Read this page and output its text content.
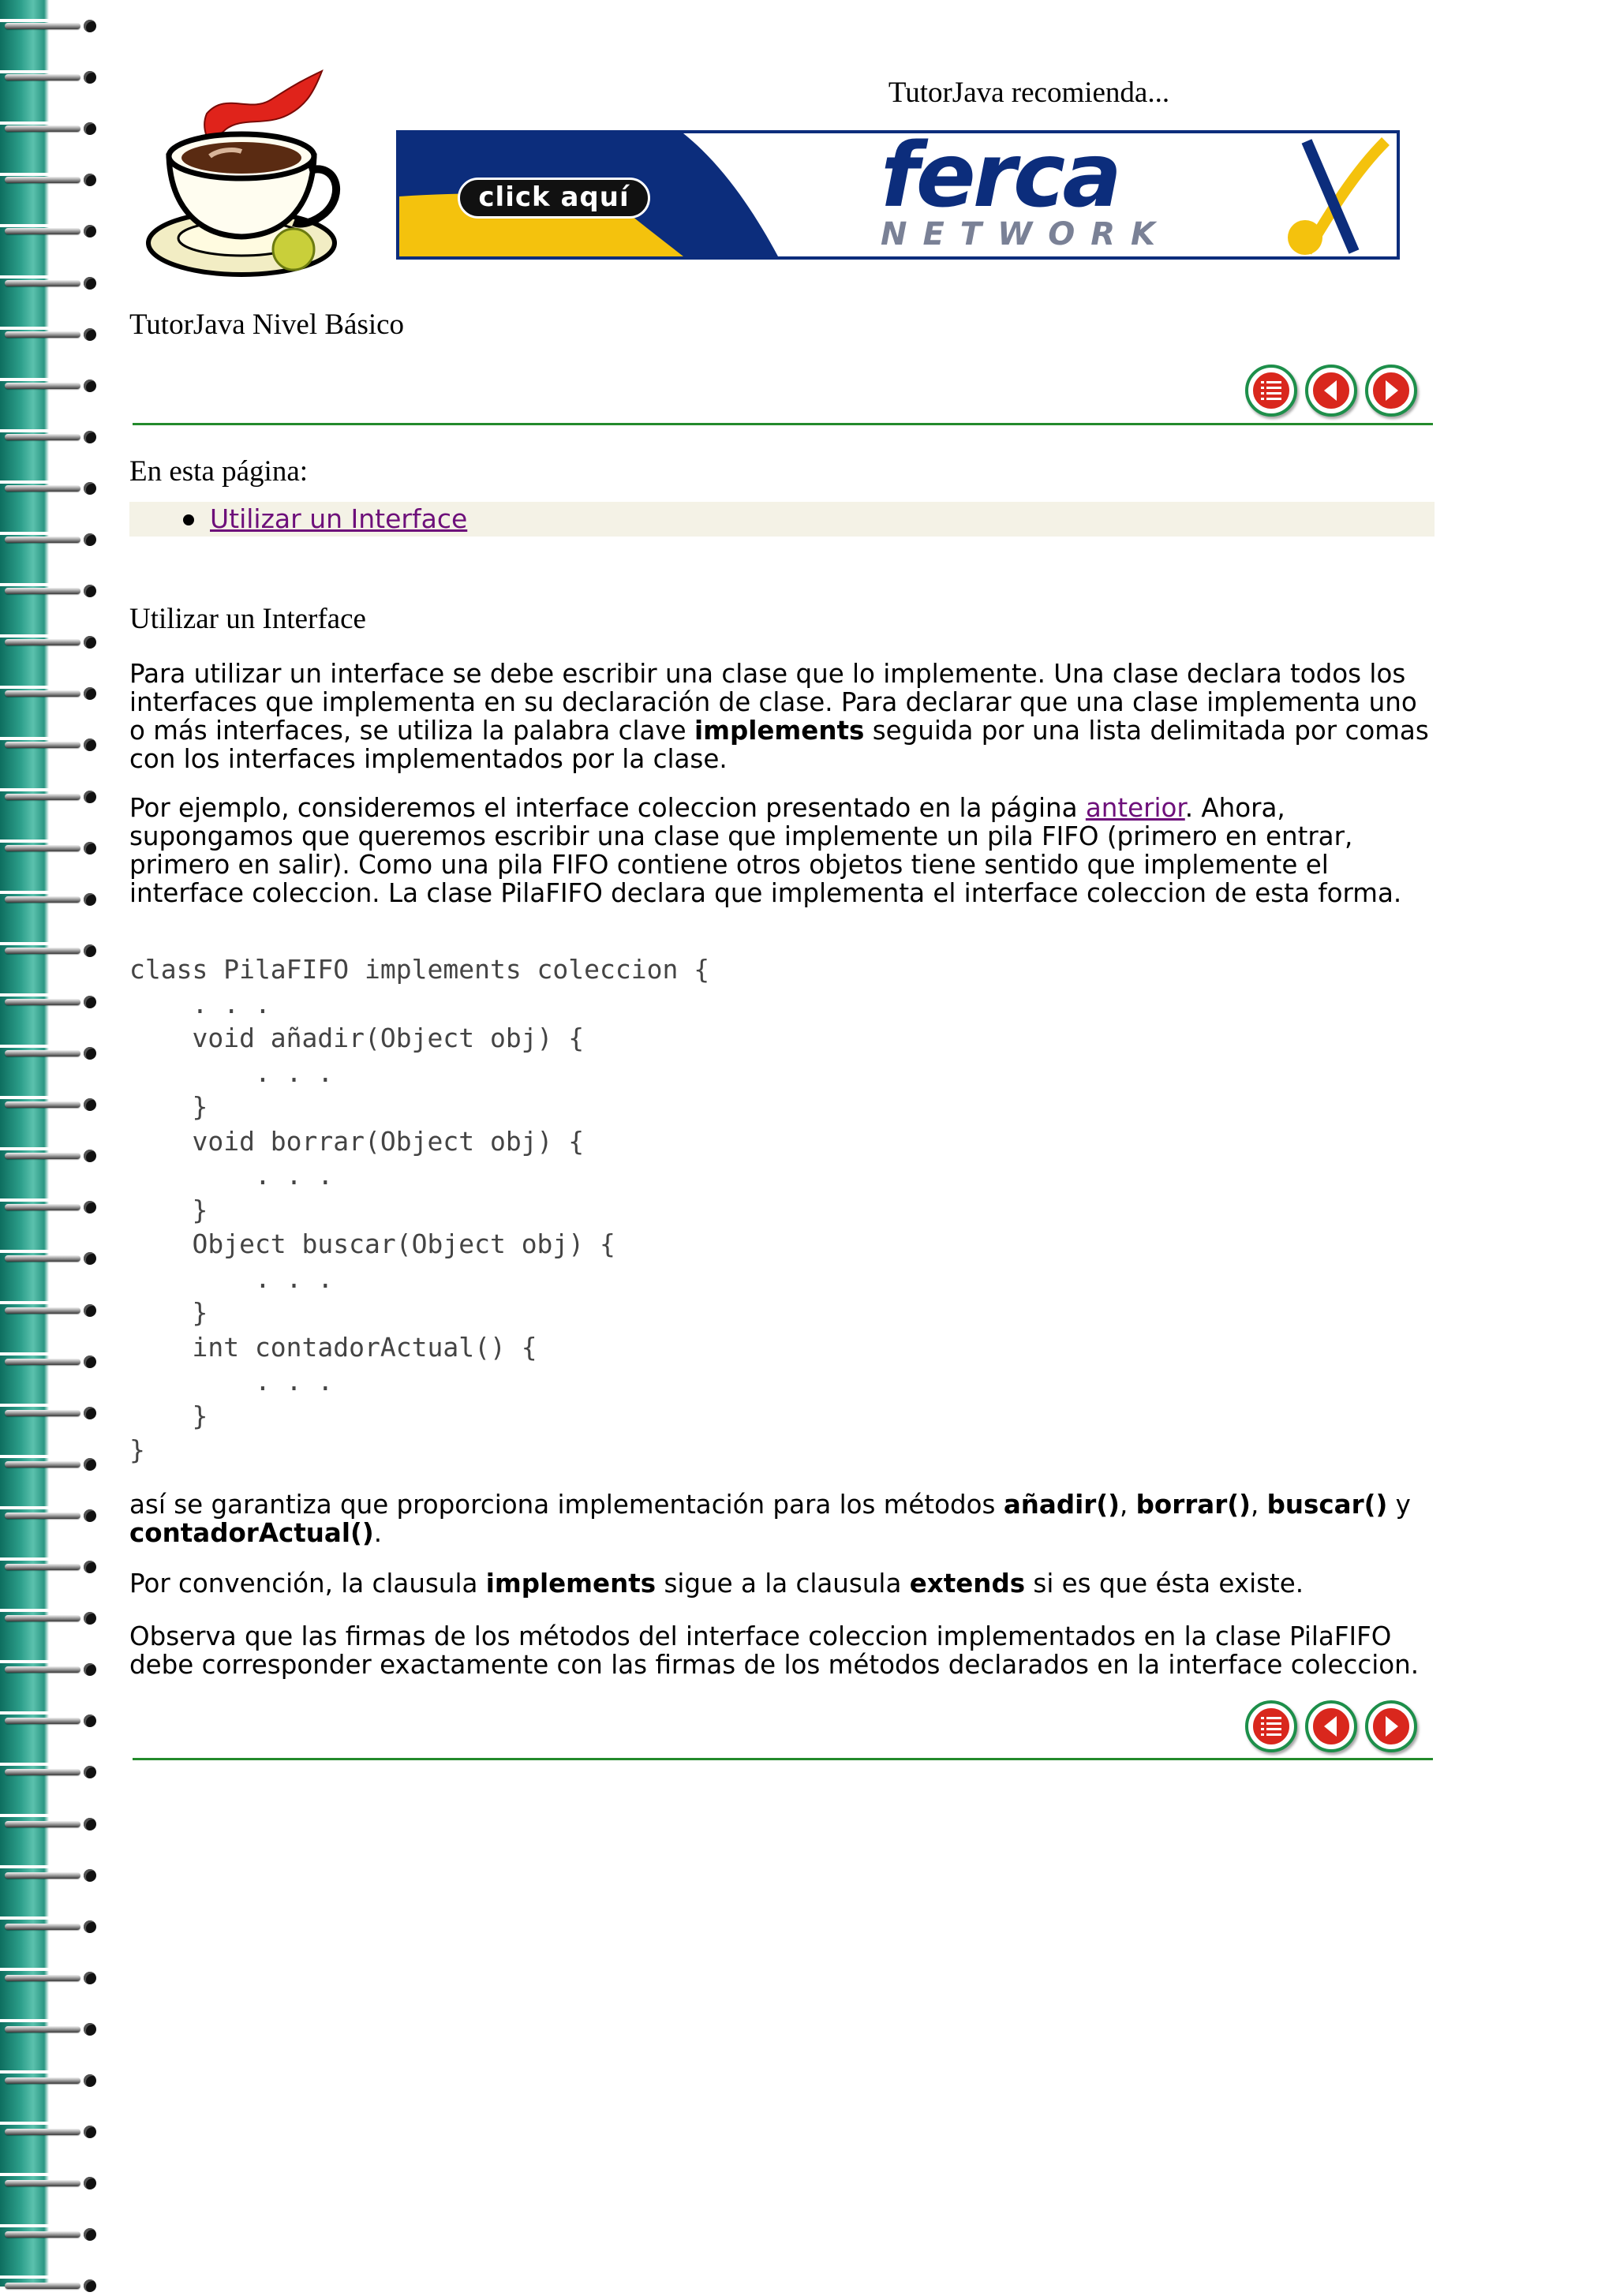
TutorJava recomienda...
click aquí	ferca
NETWORK
TutorJava Nivel Básico
En esta página:
Utilizar un Interface
Utilizar un Interface

Para utilizar un interface se debe escribir una clase que lo implemente. Una clase declara todos los interfaces que implementa en su declaración de clase. Para declarar que una clase implementa uno o más interfaces, se utiliza la palabra clave implements seguida por una lista delimitada por comas con los interfaces implementados por la clase.

Por ejemplo, consideremos el interface coleccion presentado en la página anterior. Ahora, supongamos que queremos escribir una clase que implemente un pila FIFO (primero en entrar, primero en salir). Como una pila FIFO contiene otros objetos tiene sentido que implemente el interface coleccion. La clase PilaFIFO declara que implementa el interface coleccion de esta forma.

class PilaFIFO implements coleccion {
. . .
void añadir(Object obj) {
. . .
}
void borrar(Object obj) {
. . .
}
Object buscar(Object obj) {
. . .
}
int contadorActual() {
. . .
}
}

así se garantiza que proporciona implementación para los métodos añadir(), borrar(), buscar() y contadorActual().

Por convención, la clausula implements sigue a la clausula extends si es que ésta existe.

Observa que las firmas de los métodos del interface coleccion implementados en la clase PilaFIFO debe corresponder exactamente con las firmas de los métodos declarados en la interface coleccion.
